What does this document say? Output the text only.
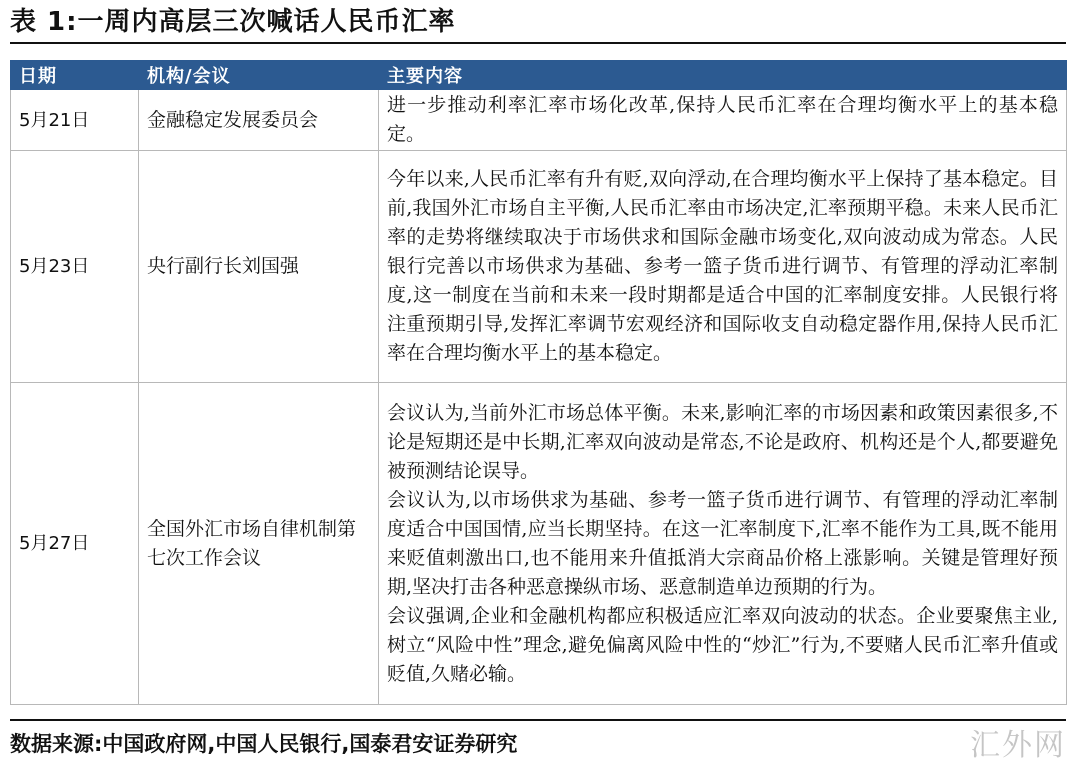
表 1:一周内高层三次喊话人民币汇率
日期	机构/会议	主要内容
5月21日	金融稳定发展委员会	进一步推动利率汇率市场化改革,保持人民币汇率在合理均衡水平上的基本稳定。

5月23日	央行副行长刘国强	今年以来,人民币汇率有升有贬,双向浮动,在合理均衡水平上保持了基本稳定。目前,我国外汇市场自主平衡,人民币汇率由市场决定,汇率预期平稳。未来人民币汇率的走势将继续取决于市场供求和国际金融市场变化,双向波动成为常态。人民银行完善以市场供求为基础、参考一篮子货币进行调节、有管理的浮动汇率制度,这一制度在当前和未来一段时期都是适合中国的汇率制度安排。人民银行将注重预期引导,发挥汇率调节宏观经济和国际收支自动稳定器作用,保持人民币汇率在合理均衡水平上的基本稳定。

5月27日	全国外汇市场自律机制第七次工作会议	会议认为,当前外汇市场总体平衡。未来,影响汇率的市场因素和政策因素很多,不论是短期还是中长期,汇率双向波动是常态,不论是政府、机构还是个人,都要避免被预测结论误导。
会议认为,以市场供求为基础、参考一篮子货币进行调节、有管理的浮动汇率制度适合中国国情,应当长期坚持。在这一汇率制度下,汇率不能作为工具,既不能用来贬值刺激出口,也不能用来升值抵消大宗商品价格上涨影响。关键是管理好预期,坚决打击各种恶意操纵市场、恶意制造单边预期的行为。
会议强调,企业和金融机构都应积极适应汇率双向波动的状态。企业要聚焦主业,树立“风险中性”理念,避免偏离风险中性的“炒汇”行为,不要赌人民币汇率升值或贬值,久赌必输。
数据来源:中国政府网,中国人民银行,国泰君安证券研究	汇外网
